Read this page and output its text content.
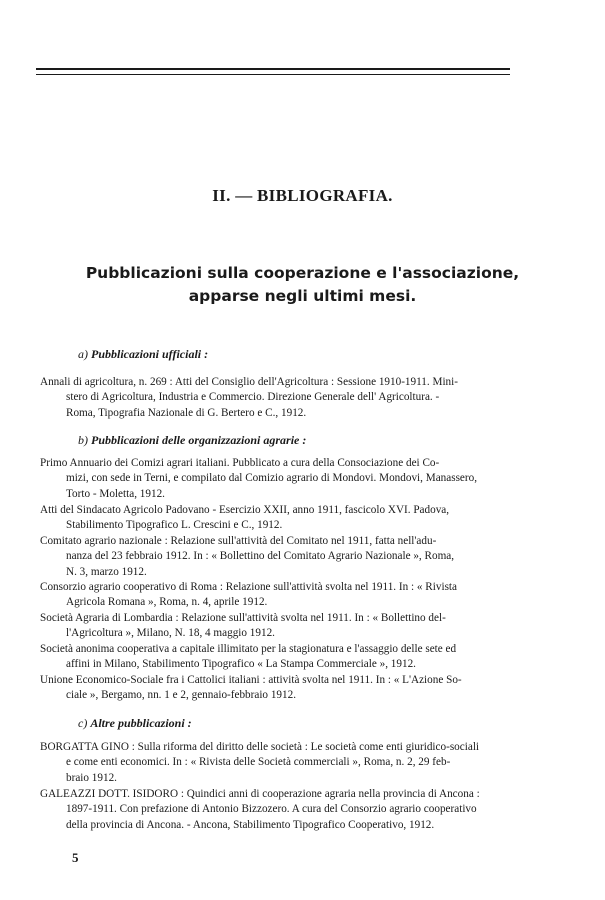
II. — BIBLIOGRAFIA.
Pubblicazioni sulla cooperazione e l'associazione,
apparse negli ultimi mesi.
a) Pubblicazioni ufficiali :
Annali di agricoltura, n. 269 : Atti del Consiglio dell'Agricoltura : Sessione 1910-1911. Mini-
stero di Agricoltura, Industria e Commercio. Direzione Generale dell' Agricoltura. -
Roma, Tipografia Nazionale di G. Bertero e C., 1912.
b) Pubblicazioni delle organizzazioni agrarie :
Primo Annuario dei Comizi agrari italiani. Pubblicato a cura della Consociazione dei Co-
mizi, con sede in Terni, e compilato dal Comizio agrario di Mondovi. Mondovi, Manassero,
Torto - Moletta, 1912.
Atti del Sindacato Agricolo Padovano - Esercizio XXII, anno 1911, fascicolo XVI. Padova,
Stabilimento Tipografico L. Crescini e C., 1912.
Comitato agrario nazionale : Relazione sull'attività del Comitato nel 1911, fatta nell'adu-
nanza del 23 febbraio 1912. In : « Bollettino del Comitato Agrario Nazionale », Roma,
N. 3, marzo 1912.
Consorzio agrario cooperativo di Roma : Relazione sull'attività svolta nel 1911. In : « Rivista
Agricola Romana », Roma, n. 4, aprile 1912.
Società Agraria di Lombardia : Relazione sull'attività svolta nel 1911. In : « Bollettino del-
l'Agricoltura », Milano, N. 18, 4 maggio 1912.
Società anonima cooperativa a capitale illimitato per la stagionatura e l'assaggio delle sete ed
affini in Milano, Stabilimento Tipografico « La Stampa Commerciale », 1912.
Unione Economico-Sociale fra i Cattolici italiani : attività svolta nel 1911. In : « L'Azione So-
ciale », Bergamo, nn. 1 e 2, gennaio-febbraio 1912.
c) Altre pubblicazioni :
BORGATTA GINO : Sulla riforma del diritto delle società : Le società come enti giuridico-sociali
e come enti economici. In : « Rivista delle Società commerciali », Roma, n. 2, 29 feb-
braio 1912.
GALEAZZI DOTT. ISIDORO : Quindici anni di cooperazione agraria nella provincia di Ancona :
1897-1911. Con prefazione di Antonio Bizzozero. A cura del Consorzio agrario cooperativo
della provincia di Ancona. - Ancona, Stabilimento Tipografico Cooperativo, 1912.
5
